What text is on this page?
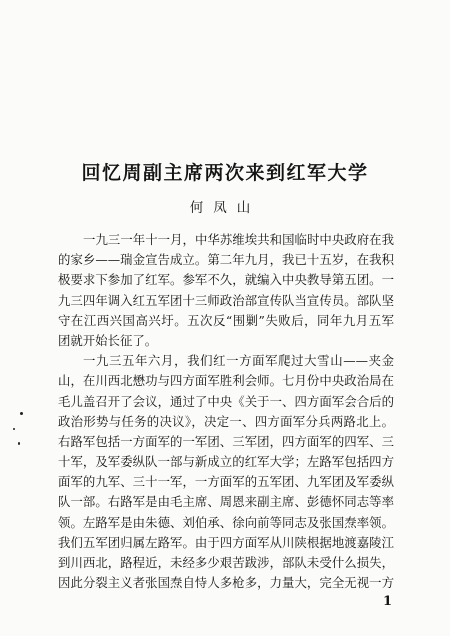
回忆周副主席两次来到红军大学
何凤山
一九三一年十一月，中华苏维埃共和国临时中央政府在我
的家乡——瑞金宣告成立。第二年九月，我已十五岁，在我积
极要求下参加了红军。参军不久，就编入中央教导第五团。一
九三四年调入红五军团十三师政治部宣传队当宣传员。部队坚
守在江西兴国高兴圩。五次反“围剿”失败后，同年九月五军
团就开始长征了。
一九三五年六月，我们红一方面军爬过大雪山——夹金
山，在川西北懋功与四方面军胜利会师。七月份中央政治局在
毛儿盖召开了会议，通过了中央《关于一、四方面军会合后的
政治形势与任务的决议》，决定一、四方面军分兵两路北上。
右路军包括一方面军的一军团、三军团，四方面军的四军、三
十军，及军委纵队一部与新成立的红军大学；左路军包括四方
面军的九军、三十一军，一方面军的五军团、九军团及军委纵
队一部。右路军是由毛主席、周恩来副主席、彭德怀同志等率
领。左路军是由朱德、刘伯承、徐向前等同志及张国焘率领。
我们五军团归属左路军。由于四方面军从川陕根据地渡嘉陵江
到川西北，路程近，未经多少艰苦跋涉，部队未受什么损失，
因此分裂主义者张国焘自恃人多枪多，力量大，完全无视一方
1
